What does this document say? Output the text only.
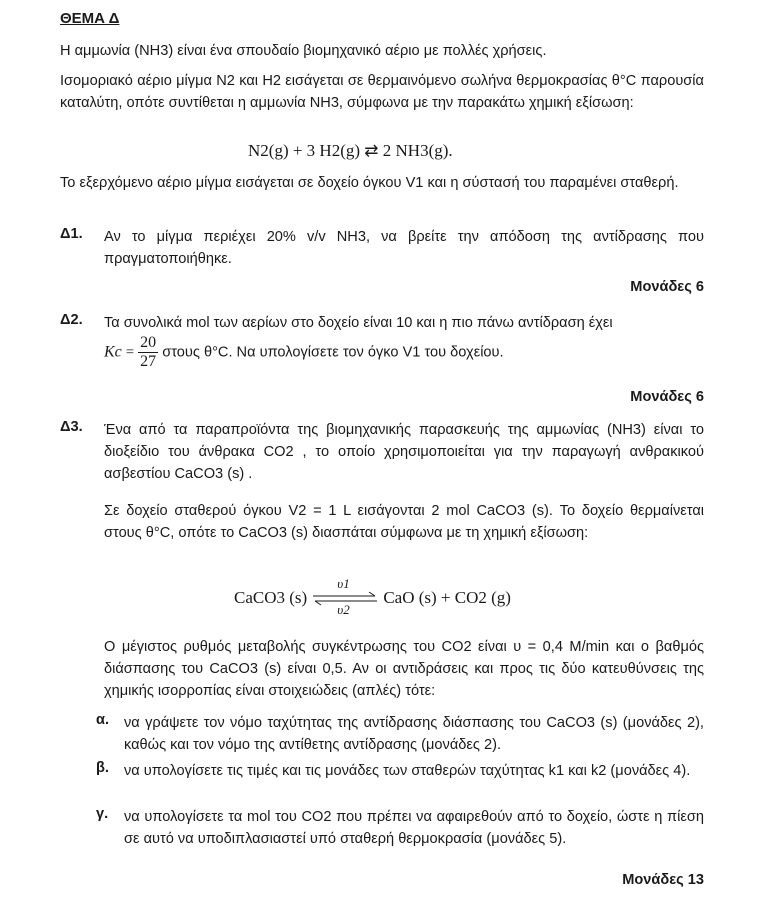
ΘΕΜΑ Δ
Η αμμωνία (NH3) είναι ένα σπουδαίο βιομηχανικό αέριο με πολλές χρήσεις.
Ισομοριακό αέριο μίγμα N2 και H2 εισάγεται σε θερμαινόμενο σωλήνα θερμοκρασίας θ°C παρουσία καταλύτη, οπότε συντίθεται η αμμωνία NH3, σύμφωνα με την παρακάτω χημική εξίσωση:
N2(g) + 3 H2(g) ⇄ 2 NH3(g).
Το εξερχόμενο αέριο μίγμα εισάγεται σε δοχείο όγκου V1 και η σύστασή του παραμένει σταθερή.
Δ1. Αν το μίγμα περιέχει 20% v/v NH3, να βρείτε την απόδοση της αντίδρασης που πραγματοποιήθηκε.
Μονάδες 6
Δ2. Τα συνολικά mol των αερίων στο δοχείο είναι 10 και η πιο πάνω αντίδραση έχει
$Kc = \frac{20}{27}$ στους θ°C. Να υπολογίσετε τον όγκο V1 του δοχείου.
Μονάδες 6
Δ3. Ένα από τα παραπροϊόντα της βιομηχανικής παρασκευής της αμμωνίας (NH3) είναι το διοξείδιο του άνθρακα CO2 , το οποίο χρησιμοποιείται για την παραγωγή ανθρακικού ασβεστίου CaCO3 (s) .
Σε δοχείο σταθερού όγκου V2 = 1 L εισάγονται 2 mol CaCO3 (s). Το δοχείο θερμαίνεται στους θ°C, οπότε το CaCO3 (s) διασπάται σύμφωνα με τη χημική εξίσωση:
CaCO3 (s)
υ1
υ2
CaO (s) + CO2 (g)
Ο μέγιστος ρυθμός μεταβολής συγκέντρωσης του CO2 είναι υ = 0,4 M/min και ο βαθμός διάσπασης του CaCO3 (s) είναι 0,5. Αν οι αντιδράσεις και προς τις δύο κατευθύνσεις της χημικής ισορροπίας είναι στοιχειώδεις (απλές) τότε:
α. να γράψετε τον νόμο ταχύτητας της αντίδρασης διάσπασης του CaCO3 (s) (μονάδες 2), καθώς και τον νόμο της αντίθετης αντίδρασης (μονάδες 2).
β. να υπολογίσετε τις τιμές και τις μονάδες των σταθερών ταχύτητας k1 και k2 (μονάδες 4).
γ. να υπολογίσετε τα mol του CO2 που πρέπει να αφαιρεθούν από το δοχείο, ώστε η πίεση σε αυτό να υποδιπλασιαστεί υπό σταθερή θερμοκρασία (μονάδες 5).
Μονάδες 13
